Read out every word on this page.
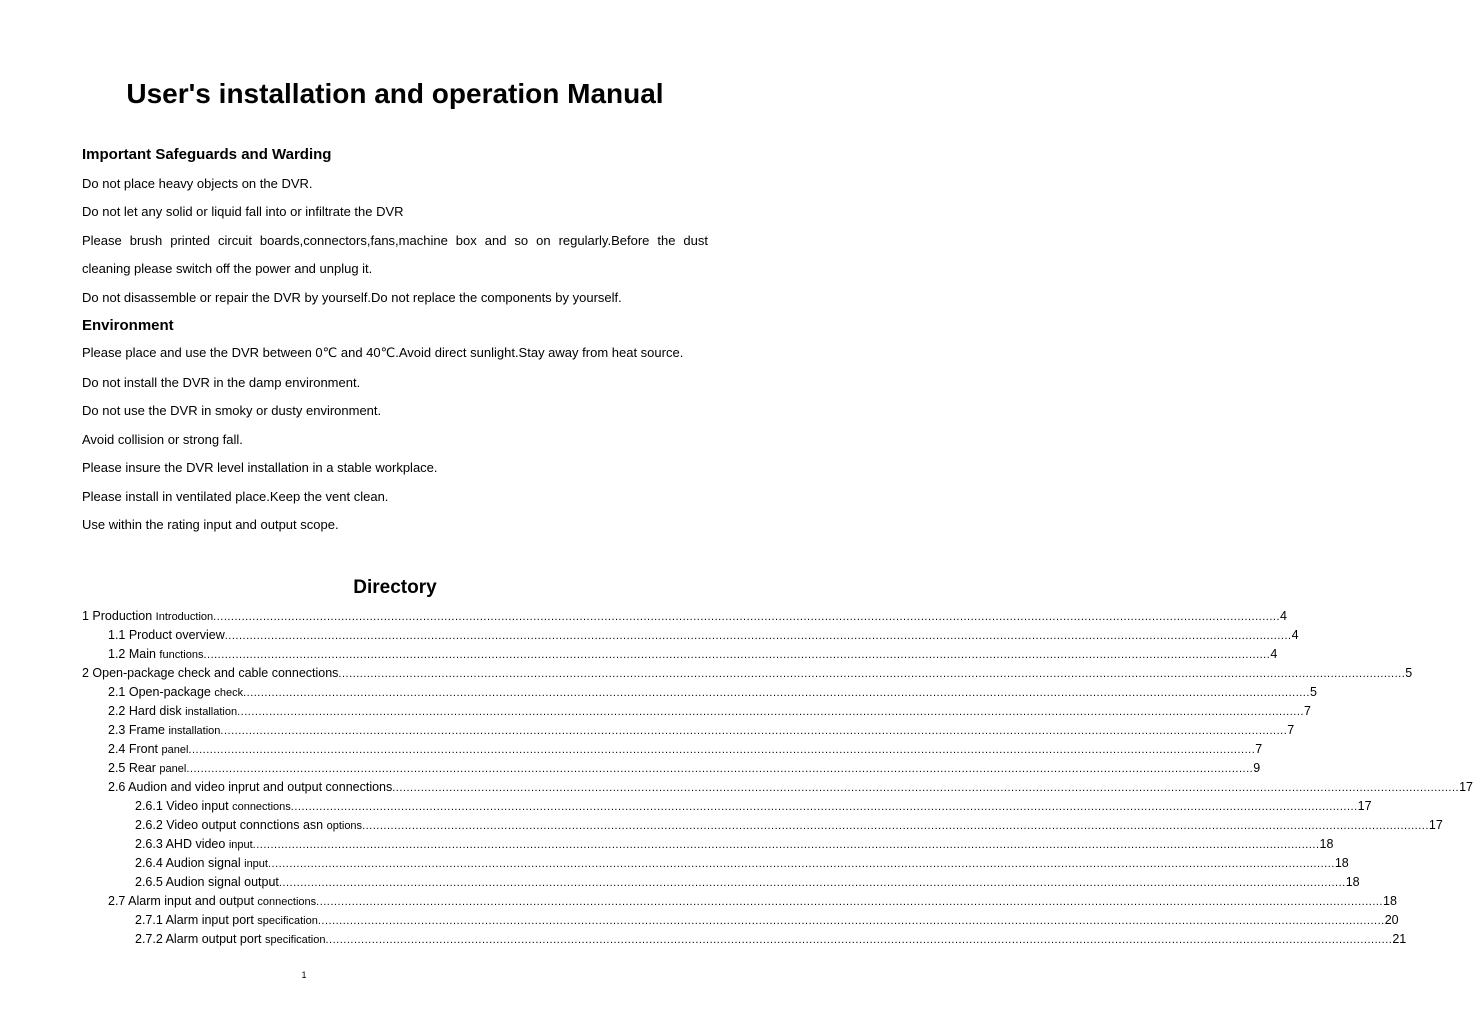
User's installation and operation Manual
Important Safeguards and Warding

Do not place heavy objects on the DVR.

Do not let any solid or liquid fall into or infiltrate the DVR

Please brush printed circuit boards,connectors,fans,machine box and so on regularly.Before the dust

cleaning please switch off the power and unplug it.

Do not disassemble or repair the DVR by yourself.Do not replace the components by yourself.

Environment

Please place and use the DVR between 0℃ and 40℃.Avoid direct sunlight.Stay away from heat source.

Do not install the DVR in the damp environment.

Do not use the DVR in smoky or dusty environment.

Avoid collision or strong fall.

Please insure the DVR level installation in a stable workplace.

Please install in ventilated place.Keep the vent clean.

Use within the rating input and output scope.

Directory
1 Production Introduction ............................................................................................................................................................................................................................................................................................................ 4
1.1 Product overview ............................................................................................................................................................................................................................................................................................................ 4
1.2 Main functions ............................................................................................................................................................................................................................................................................................................ 4
2 Open-package check and cable connections ............................................................................................................................................................................................................................................................................................................ 5
2.1 Open-package check ............................................................................................................................................................................................................................................................................................................ 5
2.2 Hard disk installation ............................................................................................................................................................................................................................................................................................................ 7
2.3 Frame installation ............................................................................................................................................................................................................................................................................................................ 7
2.4 Front panel ............................................................................................................................................................................................................................................................................................................ 7
2.5 Rear panel ............................................................................................................................................................................................................................................................................................................ 9
2.6 Audion and video inprut and output connections ............................................................................................................................................................................................................................................................................................................ 17
2.6.1 Video input connections ............................................................................................................................................................................................................................................................................................................ 17
2.6.2 Video output connctions asn options ............................................................................................................................................................................................................................................................................................................ 17
2.6.3 AHD video input ............................................................................................................................................................................................................................................................................................................ 18
2.6.4 Audion signal input ............................................................................................................................................................................................................................................................................................................ 18
2.6.5 Audion signal output ............................................................................................................................................................................................................................................................................................................ 18
2.7 Alarm input and output connections ............................................................................................................................................................................................................................................................................................................ 18
2.7.1 Alarm input port specification ............................................................................................................................................................................................................................................................................................................ 20
2.7.2 Alarm output port specification ............................................................................................................................................................................................................................................................................................................ 21

1
